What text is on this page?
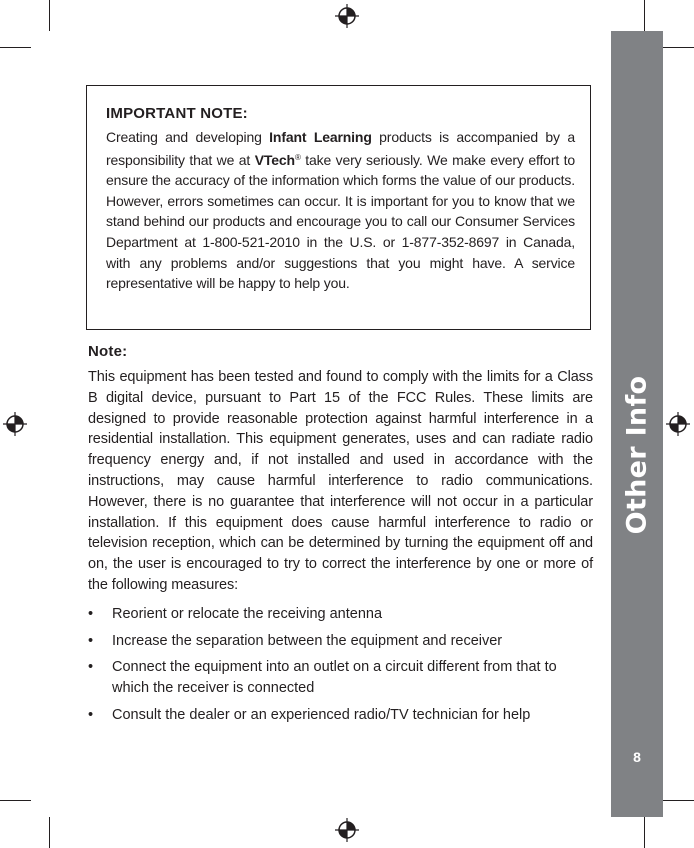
Other Info
8
IMPORTANT NOTE:

Creating and developing Infant Learning products is accompanied by a responsibility that we at VTech® take very seriously. We make every effort to ensure the accuracy of the information which forms the value of our products. However, errors sometimes can occur. It is important for you to know that we stand behind our products and encourage you to call our Consumer Services Department at 1-800-521-2010 in the U.S. or 1-877-352-8697 in Canada, with any problems and/or suggestions that you might have. A service representative will be happy to help you.

Note:

This equipment has been tested and found to comply with the limits for a Class B digital device, pursuant to Part 15 of the FCC Rules. These limits are designed to provide reasonable protection against harmful interference in a residential installation. This equipment generates, uses and can radiate radio frequency energy and, if not installed and used in accordance with the instructions, may cause harmful interference to radio communications. However, there is no guarantee that interference will not occur in a particular installation. If this equipment does cause harmful interference to radio or television reception, which can be determined by turning the equipment off and on, the user is encouraged to try to correct the interference by one or more of the following measures:

• Reorient or relocate the receiving antenna
• Increase the separation between the equipment and receiver
• Connect the equipment into an outlet on a circuit different from that to which the receiver is connected
• Consult the dealer or an experienced radio/TV technician for help
